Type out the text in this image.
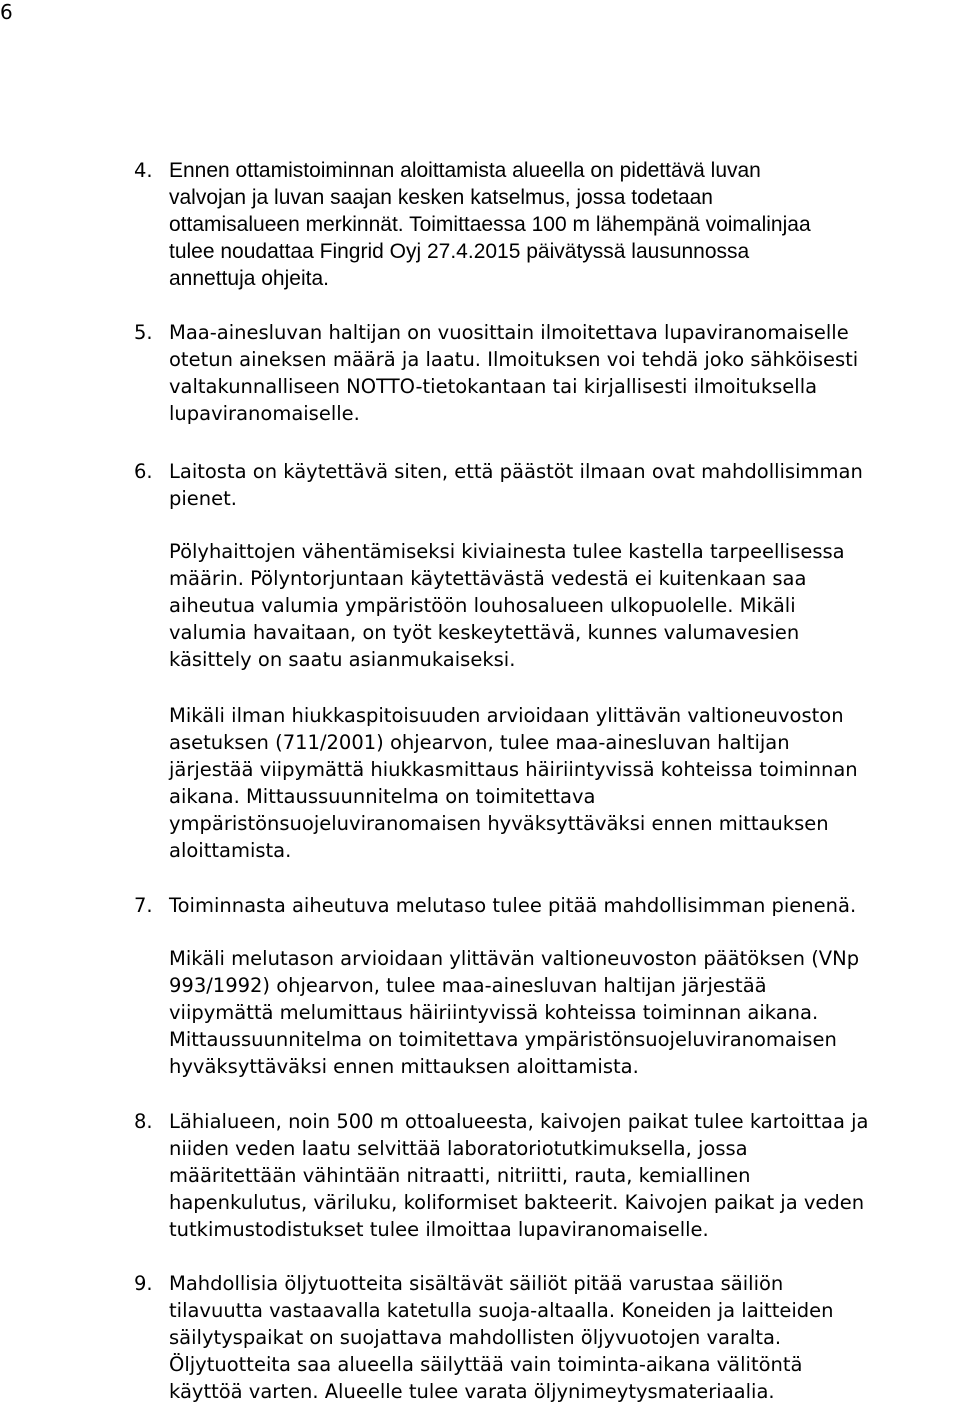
6
4. Ennen ottamistoiminnan aloittamista alueella on pidettävä luvan
valvojan ja luvan saajan kesken katselmus, jossa todetaan
ottamisalueen merkinnät. Toimittaessa 100 m lähempänä voimalinjaa
tulee noudattaa Fingrid Oyj 27.4.2015 päivätyssä lausunnossa
annettuja ohjeita.
5. Maa-ainesluvan haltijan on vuosittain ilmoitettava lupaviranomaiselle
otetun aineksen määrä ja laatu. Ilmoituksen voi tehdä joko sähköisesti
valtakunnalliseen NOTTO-tietokantaan tai kirjallisesti ilmoituksella
lupaviranomaiselle.
6. Laitosta on käytettävä siten, että päästöt ilmaan ovat mahdollisimman
pienet.
Pölyhaittojen vähentämiseksi kiviainesta tulee kastella tarpeellisessa
määrin. Pölyntorjuntaan käytettävästä vedestä ei kuitenkaan saa
aiheutua valumia ympäristöön louhosalueen ulkopuolelle. Mikäli
valumia havaitaan, on työt keskeytettävä, kunnes valumavesien
käsittely on saatu asianmukaiseksi.
Mikäli ilman hiukkaspitoisuuden arvioidaan ylittävän valtioneuvoston
asetuksen (711/2001) ohjearvon, tulee maa-ainesluvan haltijan
järjestää viipymättä hiukkasmittaus häiriintyvissä kohteissa toiminnan
aikana. Mittaussuunnitelma on toimitettava
ympäristönsuojeluviranomaisen hyväksyttäväksi ennen mittauksen
aloittamista.
7. Toiminnasta aiheutuva melutaso tulee pitää mahdollisimman pienenä.
Mikäli melutason arvioidaan ylittävän valtioneuvoston päätöksen (VNp
993/1992) ohjearvon, tulee maa-ainesluvan haltijan järjestää
viipymättä melumittaus häiriintyvissä kohteissa toiminnan aikana.
Mittaussuunnitelma on toimitettava ympäristönsuojeluviranomaisen
hyväksyttäväksi ennen mittauksen aloittamista.
8. Lähialueen, noin 500 m ottoalueesta, kaivojen paikat tulee kartoittaa ja
niiden veden laatu selvittää laboratoriotutkimuksella, jossa
määritettään vähintään nitraatti, nitriitti, rauta, kemiallinen
hapenkulutus, väriluku, koliformiset bakteerit. Kaivojen paikat ja veden
tutkimustodistukset tulee ilmoittaa lupaviranomaiselle.
9. Mahdollisia öljytuotteita sisältävät säiliöt pitää varustaa säiliön
tilavuutta vastaavalla katetulla suoja-altaalla. Koneiden ja laitteiden
säilytyspaikat on suojattava mahdollisten öljyvuotojen varalta.
Öljytuotteita saa alueella säilyttää vain toiminta-aikana välitöntä
käyttöä varten. Alueelle tulee varata öljynimeytysmateriaalia.
